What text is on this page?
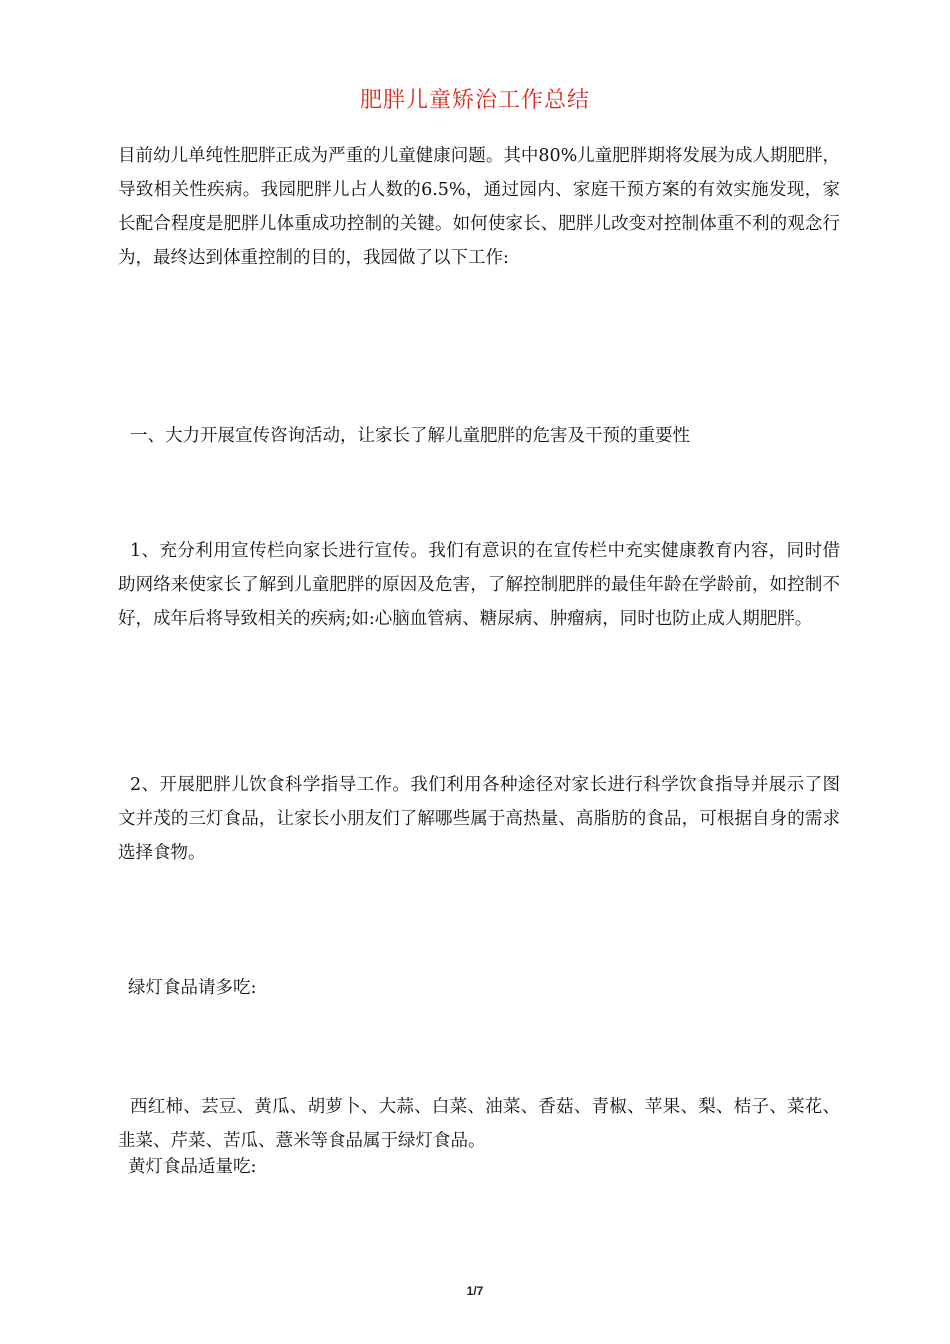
肥胖儿童矫治工作总结

目前幼儿单纯性肥胖正成为严重的儿童健康问题。其中80%儿童肥胖期将发展为成人期肥胖，导致相关性疾病。我园肥胖儿占人数的6.5%，通过园内、家庭干预方案的有效实施发现，家长配合程度是肥胖儿体重成功控制的关键。如何使家长、肥胖儿改变对控制体重不利的观念行为，最终达到体重控制的目的，我园做了以下工作:

一、大力开展宣传咨询活动，让家长了解儿童肥胖的危害及干预的重要性

1、充分利用宣传栏向家长进行宣传。我们有意识的在宣传栏中充实健康教育内容，同时借助网络来使家长了解到儿童肥胖的原因及危害，了解控制肥胖的最佳年龄在学龄前，如控制不好，成年后将导致相关的疾病;如:心脑血管病、糖尿病、肿瘤病，同时也防止成人期肥胖。

2、开展肥胖儿饮食科学指导工作。我们利用各种途径对家长进行科学饮食指导并展示了图文并茂的三灯食品，让家长小朋友们了解哪些属于高热量、高脂肪的食品，可根据自身的需求选择食物。

绿灯食品请多吃:

西红柿、芸豆、黄瓜、胡萝卜、大蒜、白菜、油菜、香菇、青椒、苹果、梨、桔子、菜花、韭菜、芹菜、苦瓜、薏米等食品属于绿灯食品。

黄灯食品适量吃:

1/7
